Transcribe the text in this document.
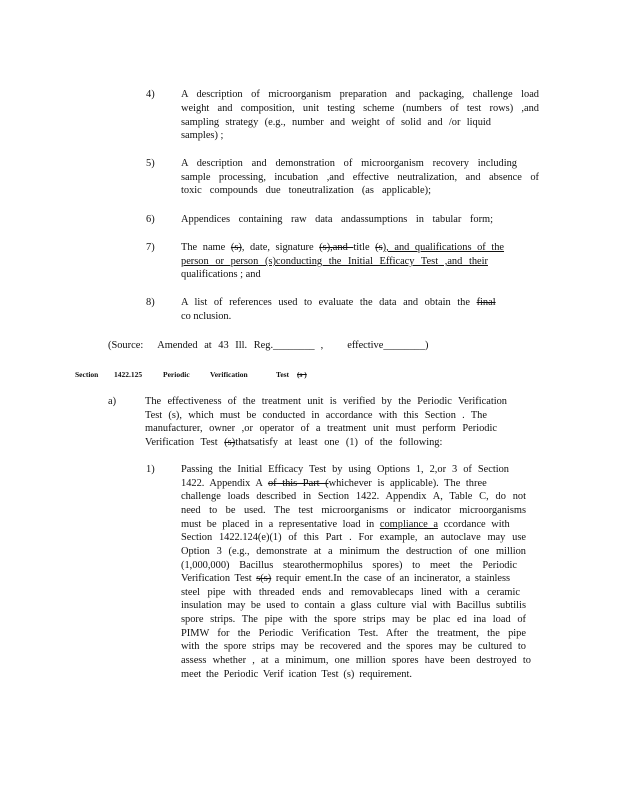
4)	A description of microorganism preparation and packaging, challenge load
weight and composition, unit testing scheme (numbers of test rows) ,and
sampling strategy (e.g., number and weight of solid and /or liquid
samples) ;
5)	A description and demonstration of microorganism recovery including
sample processing, incubation ,and effective neutralization, and absence of
toxic compounds due toneutralization (as applicable);
6)	Appendices containing raw data andassumptions in tabular form;
7)	The name (s), date, signature (s),and title (s), and qualifications of the
person or person (s)conducting the Initial Efficacy Test ,and their
qualifications ; and
8)	A list of references used to evaluate the data and obtain the final
co nclusion.
(Source: Amended at 43 Ill. Reg.________ , effective________)
Section 1422.125	Periodic	Verification	Test (s )
a)	The effectiveness of the treatment unit is verified by the Periodic Verification
Test (s), which must be conducted in accordance with this Section . The
manufacturer, owner ,or operator of a treatment unit must perform Periodic
Verification Test (s)thatsatisfy at least one (1) of the following:
1)	Passing the Initial Efficacy Test by using Options 1, 2,or 3 of Section
1422. Appendix A of this Part (whichever is applicable). The three
challenge loads described in Section 1422. Appendix A, Table C, do not
need to be used. The test microorganisms or indicator microorganisms
must be placed in a representative load in compliance a ccordance with
Section 1422.124(e)(1) of this Part . For example, an autoclave may use
Option 3 (e.g., demonstrate at a minimum the destruction of one million
(1,000,000) Bacillus stearothermophilus spores) to meet the Periodic
Verification Test s(s) requir ement.In the case of an incinerator, a stainless
steel pipe with threaded ends and removablecaps lined with a ceramic
insulation may be used to contain a glass culture vial with Bacillus subtilis
spore strips. The pipe with the spore strips may be plac ed ina load of
PIMW for the Periodic Verification Test. After the treatment, the pipe
with the spore strips may be recovered and the spores may be cultured to
assess whether , at a minimum, one million spores have been destroyed to
meet the Periodic Verif ication Test (s) requirement.
